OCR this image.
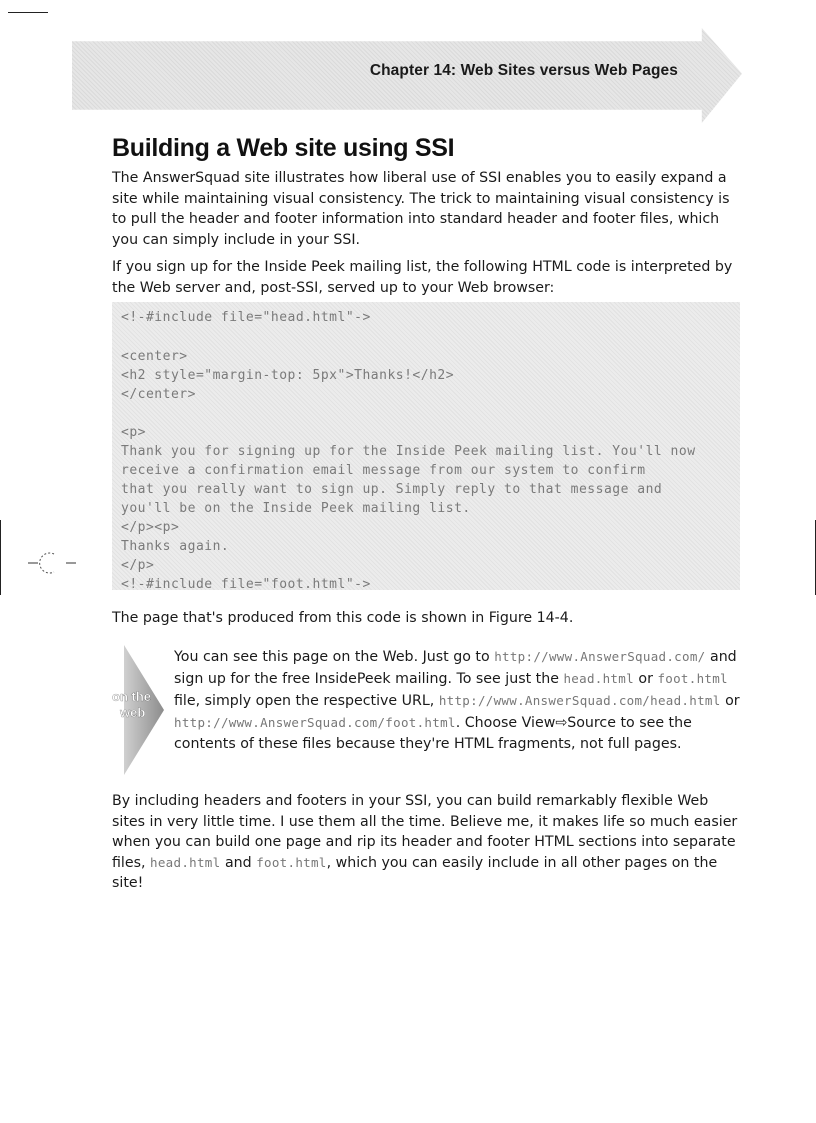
Chapter 14: Web Sites versus Web Pages
Building a Web site using SSI

The AnswerSquad site illustrates how liberal use of SSI enables you to easily expand a site while maintaining visual consistency. The trick to maintaining visual consistency is to pull the header and footer information into standard header and footer files, which you can simply include in your SSI.

If you sign up for the Inside Peek mailing list, the following HTML code is interpreted by the Web server and, post-SSI, served up to your Web browser:

<!-#include file="head.html"->
<center>
<h2 style="margin-top: 5px">Thanks!</h2>
</center>
<p>
Thank you for signing up for the Inside Peek mailing list. You'll now
receive a confirmation email message from our system to confirm
that you really want to sign up. Simply reply to that message and
you'll be on the Inside Peek mailing list.
</p><p>
Thanks again.
</p>
<!-#include file="foot.html"->

The page that's produced from this code is shown in Figure 14-4.

on the
web

You can see this page on the Web. Just go to http://www.AnswerSquad.com/ and sign up for the free InsidePeek mailing. To see just the head.html or foot.html file, simply open the respective URL, http://www.AnswerSquad.com/head.html or http://www.AnswerSquad.com/foot.html. Choose View⇨Source to see the contents of these files because they're HTML fragments, not full pages.

By including headers and footers in your SSI, you can build remarkably flexible Web sites in very little time. I use them all the time. Believe me, it makes life so much easier when you can build one page and rip its header and footer HTML sections into separate files, head.html and foot.html, which you can easily include in all other pages on the site!
